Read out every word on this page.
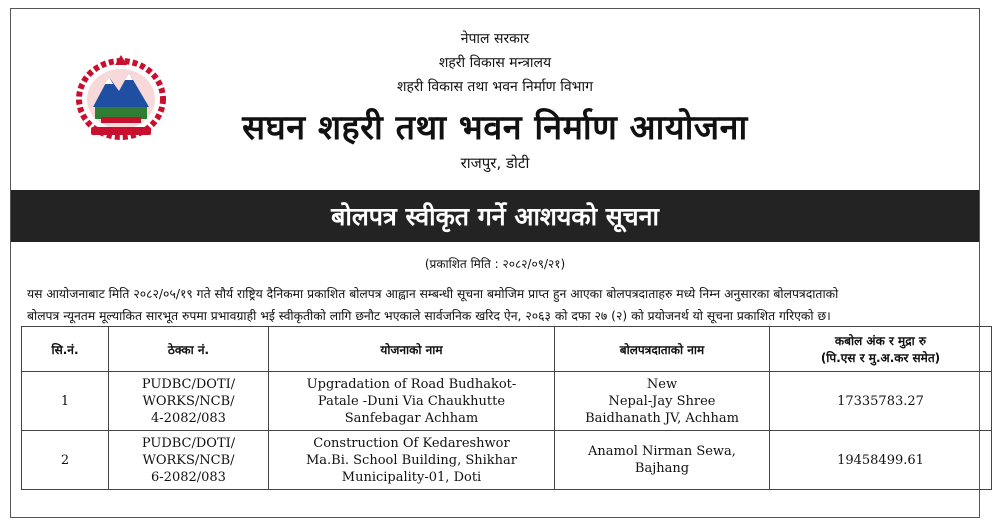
नेपाल सरकार
शहरी विकास मन्त्रालय
शहरी विकास तथा भवन निर्माण विभाग
सघन शहरी तथा भवन निर्माण आयोजना
राजपुर, डोटी
बोलपत्र स्वीकृत गर्ने आशयको सूचना
(प्रकाशित मिति : २०८२/०९/२१)

यस आयोजनाबाट मिति २०८२/०५/१९ गते सौर्य राष्ट्रिय दैनिकमा प्रकाशित बोलपत्र आह्वान सम्बन्धी सूचना बमोजिम प्राप्त हुन आएका बोलपत्रदाताहरु मध्ये निम्न अनुसारका बोलपत्रदाताको

बोलपत्र न्यूनतम मूल्याकित सारभूत रुपमा प्रभावग्राही भई स्वीकृतीको लागि छनौट भएकाले सार्वजनिक खरिद ऐन, २०६३ को दफा २७ (२) को प्रयोजनर्थ यो सूचना प्रकाशित गरिएको छ।

सि.नं.	ठेक्का नं.	योजनाको नाम	बोलपत्रदाताको नाम	कबोल अंक र मुद्रा रु
(पि.एस र मु.अ.कर समेत)
1	PUDBC/DOTI/
WORKS/NCB/
4-2082/083	Upgradation of Road Budhakot-
Patale -Duni Via Chaukhutte
Sanfebagar Achham	New
Nepal-Jay Shree
Baidhanath JV, Achham	17335783.27
2	PUDBC/DOTI/
WORKS/NCB/
6-2082/083	Construction Of Kedareshwor
Ma.Bi. School Building, Shikhar
Municipality-01, Doti	Anamol Nirman Sewa,
Bajhang	19458499.61
